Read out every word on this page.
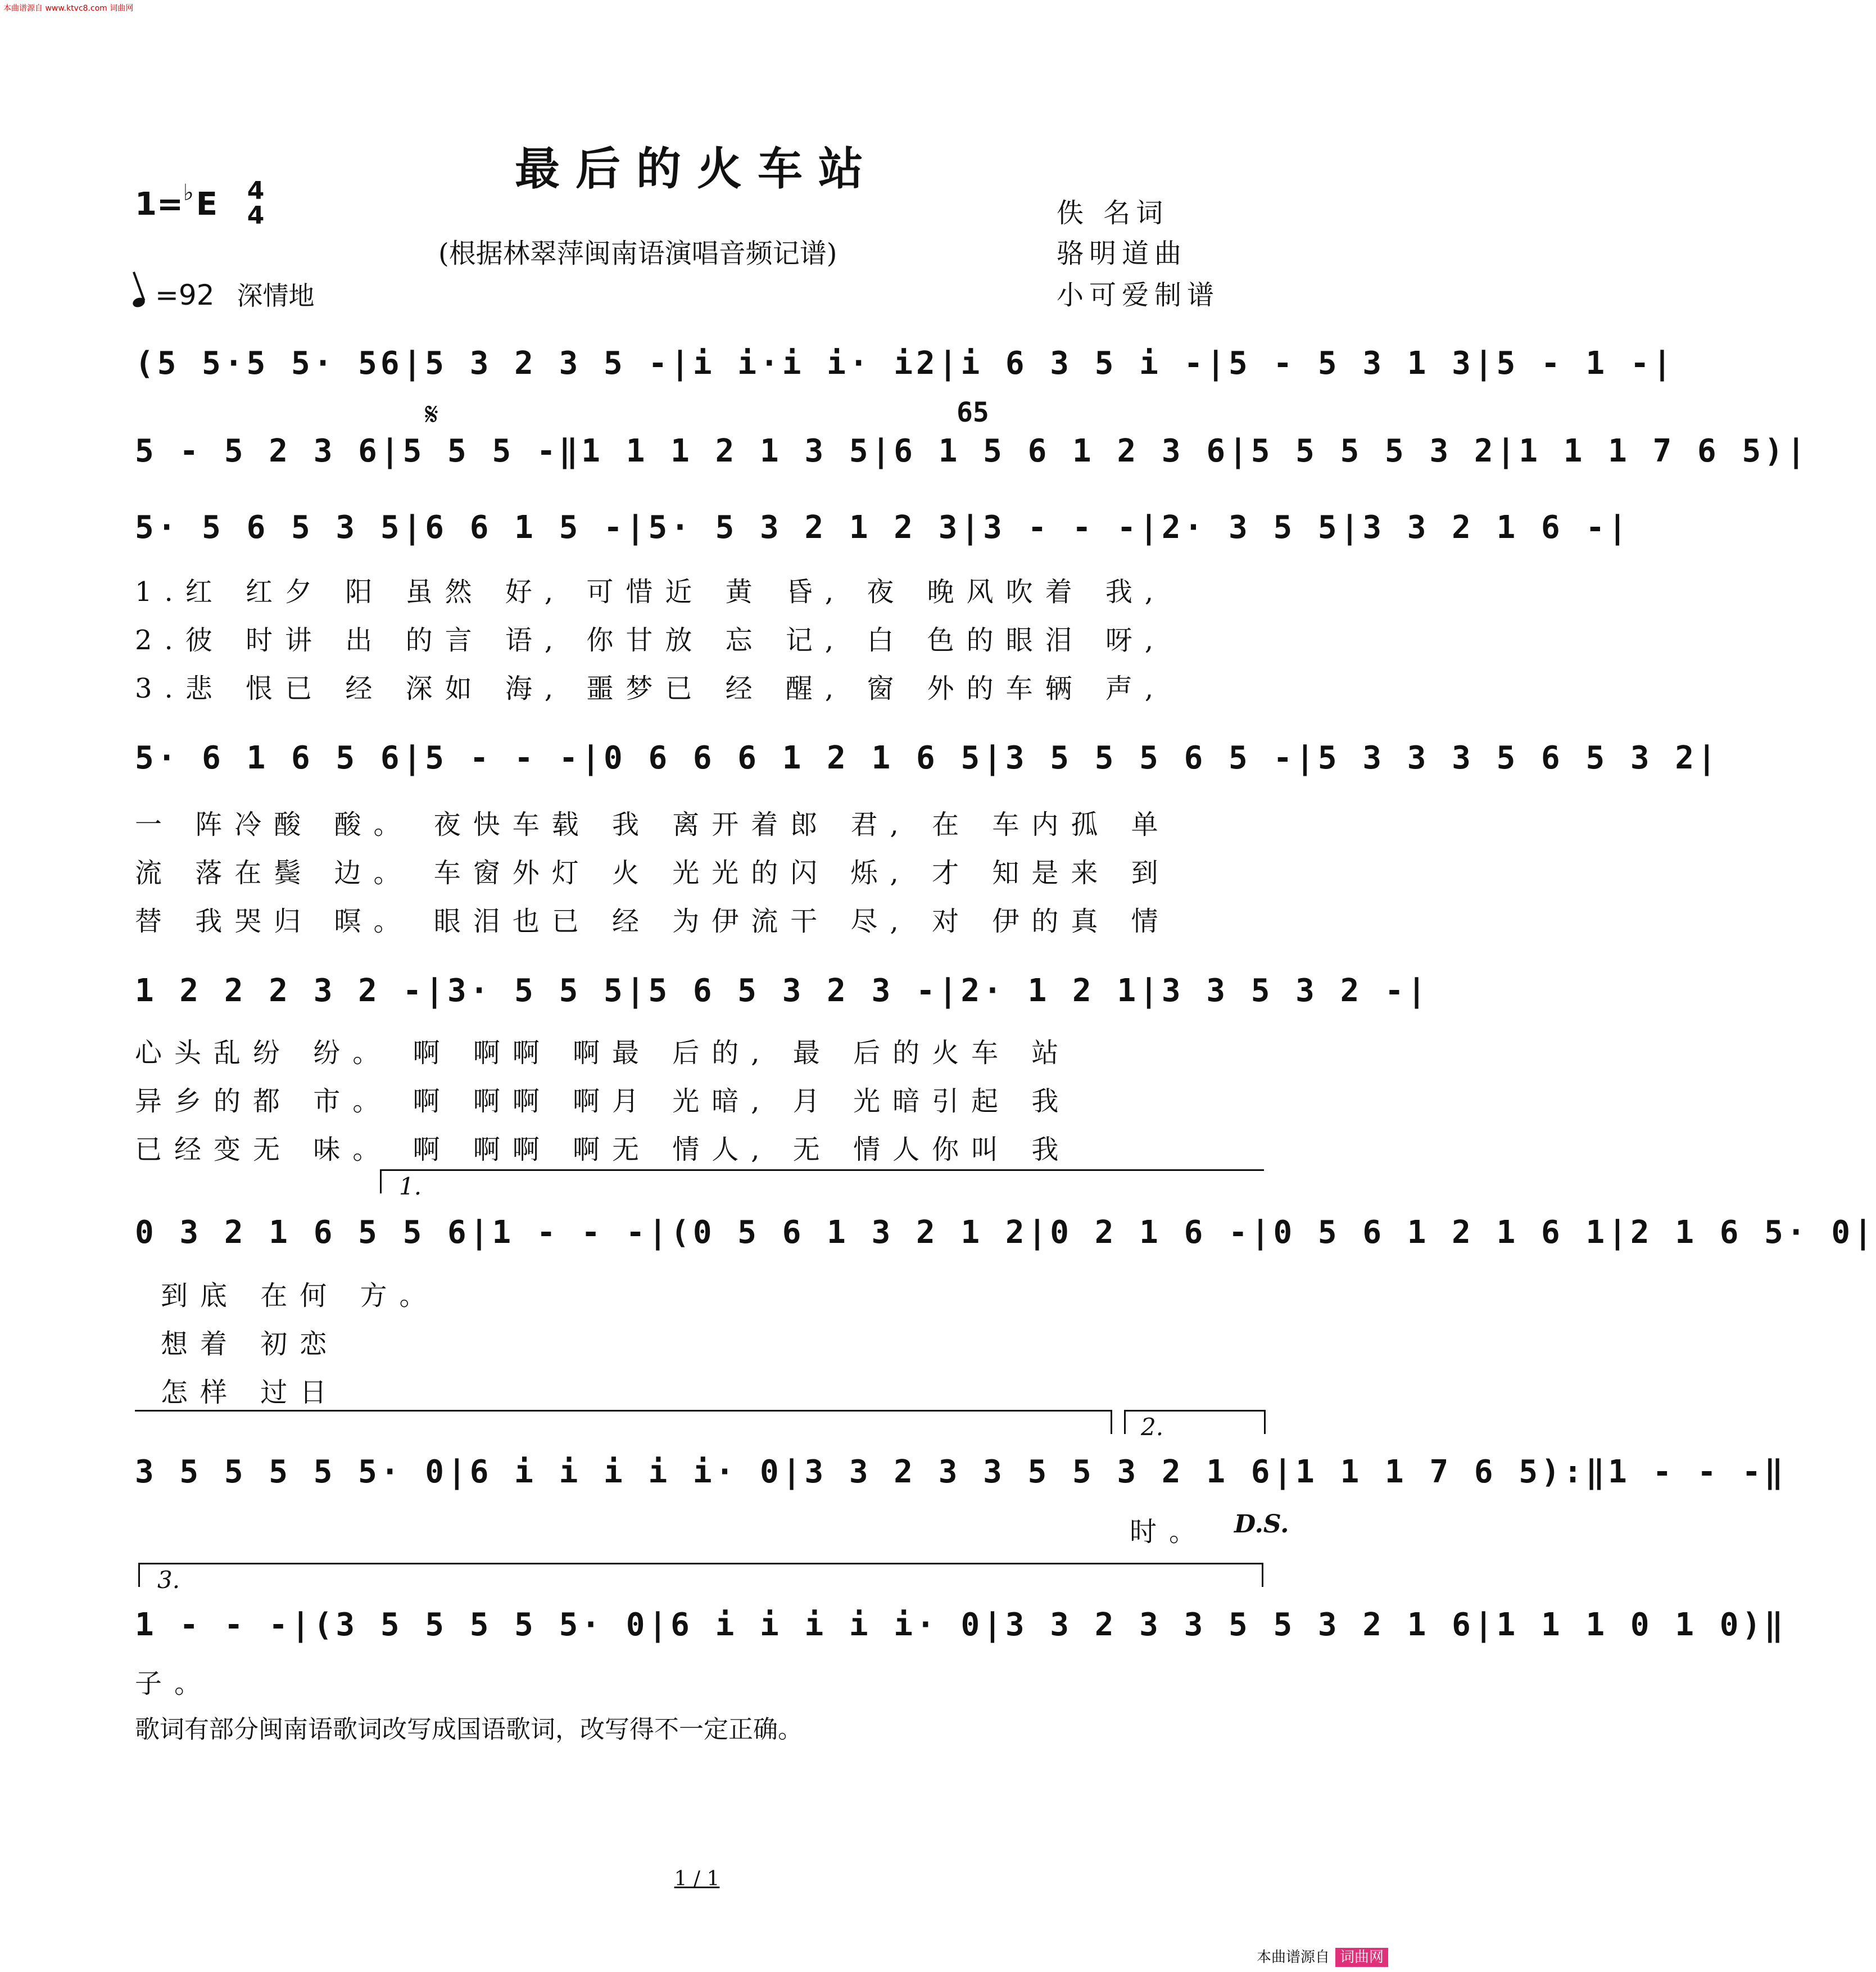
本曲谱源自 www.ktvc8.com 词曲网
最后的火车站
1=♭E 4
4
(根据林翠萍闽南语演唱音频记谱)
=92 深情地
佚 名词
骆明道曲
小可爱制谱
(5 5·5 5· 56|5 3 2 3 5 -|i i·i i· i2|i 6 3 5 i -|5 - 5 3 1 3|5 - 1 -|
𝄋	65
5 - 5 2 3 6|5 5 5 -‖1 1 1 2 1 3 5|6 1 5 6 1 2 3 6|5 5 5 5 3 2|1 1 1 7 6 5)|
5· 5 6 5 3 5|6 6 1 5 -|5· 5 3 2 1 2 3|3 - - -|2· 3 5 5|3 3 2 1 6 -|
1.红 红夕 阳 虽然 好, 可惜近 黄 昏, 夜 晚风吹着 我,
2.彼 时讲 出 的言 语, 你甘放 忘 记, 白 色的眼泪 呀,
3.悲 恨已 经 深如 海, 噩梦已 经 醒, 窗 外的车辆 声,
5· 6 1 6 5 6|5 - - -|0 6 6 6 1 2 1 6 5|3 5 5 5 6 5 -|5 3 3 3 5 6 5 3 2|
一 阵冷酸 酸。 夜快车载 我 离开着郎 君, 在 车内孤 单
流 落在鬓 边。 车窗外灯 火 光光的闪 烁, 才 知是来 到
替 我哭归 暝。 眼泪也已 经 为伊流干 尽, 对 伊的真 情
1 2 2 2 3 2 -|3· 5 5 5|5 6 5 3 2 3 -|2· 1 2 1|3 3 5 3 2 -|
心头乱纷 纷。 啊 啊啊 啊最 后的, 最 后的火车 站
异乡的都 市。 啊 啊啊 啊月 光暗, 月 光暗引起 我
已经变无 味。 啊 啊啊 啊无 情人, 无 情人你叫 我
1.
0 3 2 1 6 5 5 6|1 - - -|(0 5 6 1 3 2 1 2|0 2 1 6 -|0 5 6 1 2 1 6 1|2 1 6 5· 0|
到底 在何 方。
想着 初恋
怎样 过日
2.
3 5 5 5 5 5· 0|6 i i i i i· 0|3 3 2 3 3 5 5 3 2 1 6|1 1 1 7 6 5):‖1 - - -‖
时。	D.S.
3.
1 - - -|(3 5 5 5 5 5· 0|6 i i i i i· 0|3 3 2 3 3 5 5 3 2 1 6|1 1 1 0 1 0)‖
子。
歌词有部分闽南语歌词改写成国语歌词，改写得不一定正确。
1 / 1
本曲谱源自 词曲网
